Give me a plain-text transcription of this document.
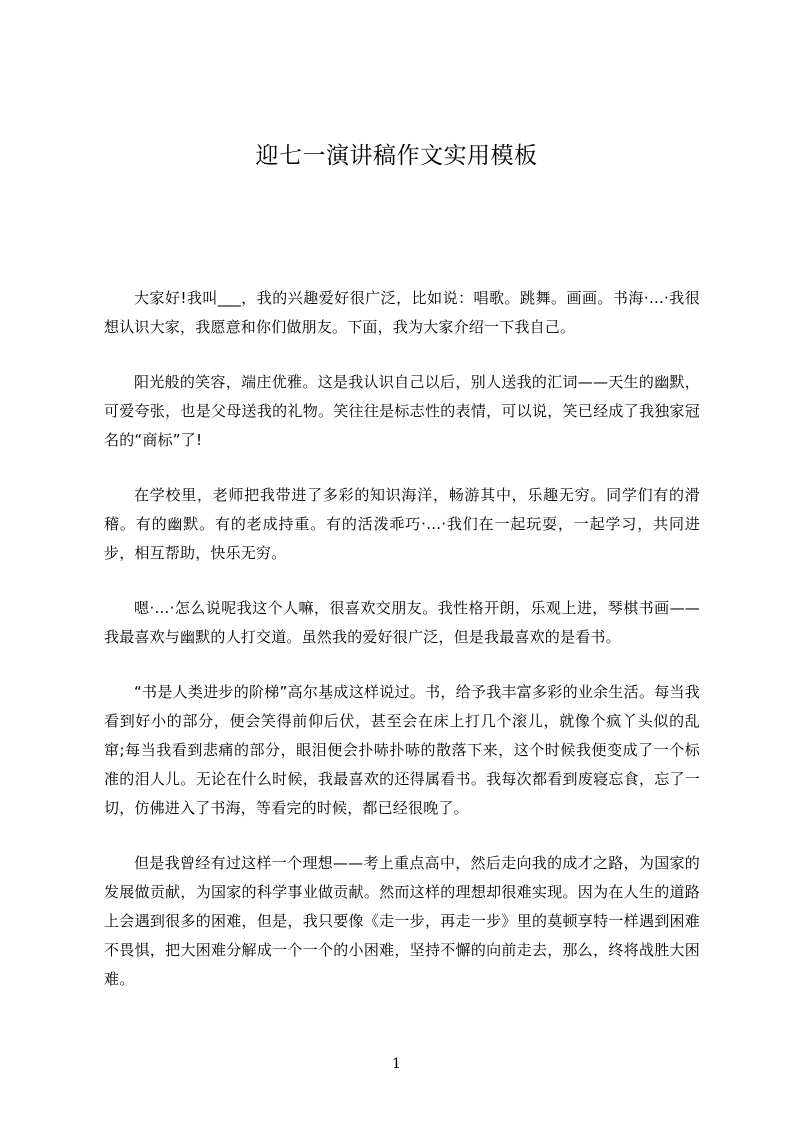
迎七一演讲稿作文实用模板

大家好!我叫___，我的兴趣爱好很广泛，比如说：唱歌。跳舞。画画。书海·…·我很想认识大家，我愿意和你们做朋友。下面，我为大家介绍一下我自己。

阳光般的笑容，端庄优雅。这是我认识自己以后，别人送我的汇词——天生的幽默，可爱夸张，也是父母送我的礼物。笑往往是标志性的表情，可以说，笑已经成了我独家冠名的“商标”了!

在学校里，老师把我带进了多彩的知识海洋，畅游其中，乐趣无穷。同学们有的滑稽。有的幽默。有的老成持重。有的活泼乖巧·…·我们在一起玩耍，一起学习，共同进步，相互帮助，快乐无穷。

嗯·…·怎么说呢我这个人嘛，很喜欢交朋友。我性格开朗，乐观上进，琴棋书画——我最喜欢与幽默的人打交道。虽然我的爱好很广泛，但是我最喜欢的是看书。

“书是人类进步的阶梯”高尔基成这样说过。书，给予我丰富多彩的业余生活。每当我看到好小的部分，便会笑得前仰后伏，甚至会在床上打几个滚儿，就像个疯丫头似的乱窜;每当我看到悲痛的部分，眼泪便会扑哧扑哧的散落下来，这个时候我便变成了一个标准的泪人儿。无论在什么时候，我最喜欢的还得属看书。我每次都看到废寝忘食，忘了一切，仿佛进入了书海，等看完的时候，都已经很晚了。

但是我曾经有过这样一个理想——考上重点高中，然后走向我的成才之路，为国家的发展做贡献，为国家的科学事业做贡献。然而这样的理想却很难实现。因为在人生的道路上会遇到很多的困难，但是，我只要像《走一步，再走一步》里的莫顿享特一样遇到困难不畏惧，把大困难分解成一个一个的小困难，坚持不懈的向前走去，那么，终将战胜大困难。

1
